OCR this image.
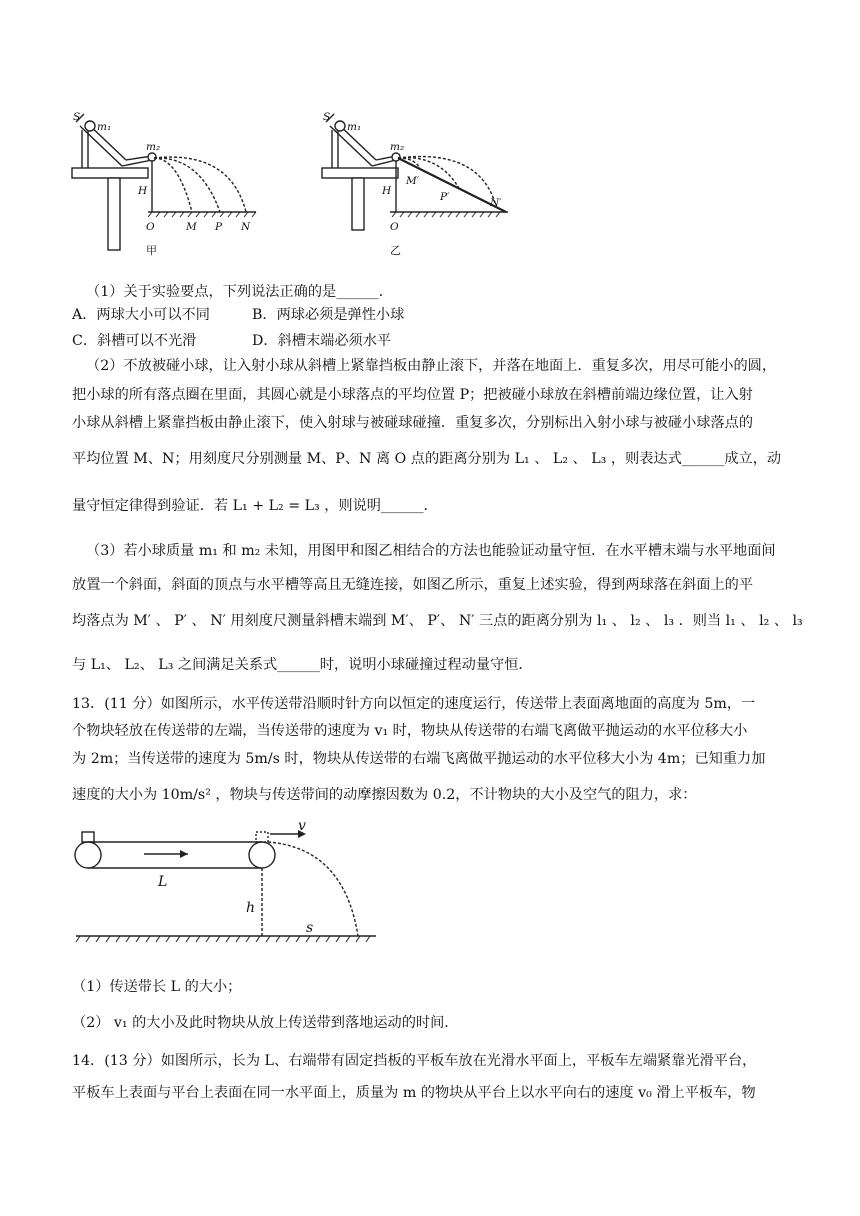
S
m₁
m₂
H
O	M P N
甲
S
m₁
m₂
H
O
M′
P′	N′
乙
（1）关于实验要点，下列说法正确的是______．
A．两球大小可以不同	B．两球必须是弹性小球
C．斜槽可以不光滑	D．斜槽末端必须水平
（2）不放被碰小球，让入射小球从斜槽上紧靠挡板由静止滚下，并落在地面上．重复多次，用尽可能小的圆，
把小球的所有落点圈在里面，其圆心就是小球落点的平均位置 P；把被碰小球放在斜槽前端边缘位置，让入射
小球从斜槽上紧靠挡板由静止滚下，使入射球与被碰球碰撞．重复多次，分别标出入射小球与被碰小球落点的
平均位置 M、N；用刻度尺分别测量 M、P、N 离 O 点的距离分别为 L₁ 、 L₂ 、 L₃ ，则表达式______成立，动
量守恒定律得到验证．若 L₁ + L₂ = L₃ ，则说明______．
（3）若小球质量 m₁ 和 m₂ 未知，用图甲和图乙相结合的方法也能验证动量守恒．在水平槽末端与水平地面间
放置一个斜面，斜面的顶点与水平槽等高且无缝连接，如图乙所示，重复上述实验，得到两球落在斜面上的平
均落点为 M′ 、 P′ 、 N′ 用刻度尺测量斜槽末端到 M′、 P′、 N′ 三点的距离分别为 l₁ 、 l₂ 、 l₃ ．则当 l₁ 、 l₂ 、 l₃
与 L₁、 L₂、 L₃ 之间满足关系式______时，说明小球碰撞过程动量守恒．
13．(11 分）如图所示，水平传送带沿顺时针方向以恒定的速度运行，传送带上表面离地面的高度为 5m，一
个物块轻放在传送带的左端，当传送带的速度为 v₁ 时，物块从传送带的右端飞离做平抛运动的水平位移大小
为 2m；当传送带的速度为 5m/s 时，物块从传送带的右端飞离做平抛运动的水平位移大小为 4m；已知重力加
速度的大小为 10m/s² ，物块与传送带间的动摩擦因数为 0.2，不计物块的大小及空气的阻力，求：
v
L
h
s
（1）传送带长 L 的大小；
（2） v₁ 的大小及此时物块从放上传送带到落地运动的时间．
14．(13 分）如图所示，长为 L、右端带有固定挡板的平板车放在光滑水平面上，平板车左端紧靠光滑平台，
平板车上表面与平台上表面在同一水平面上，质量为 m 的物块从平台上以水平向右的速度 v₀ 滑上平板车，物
